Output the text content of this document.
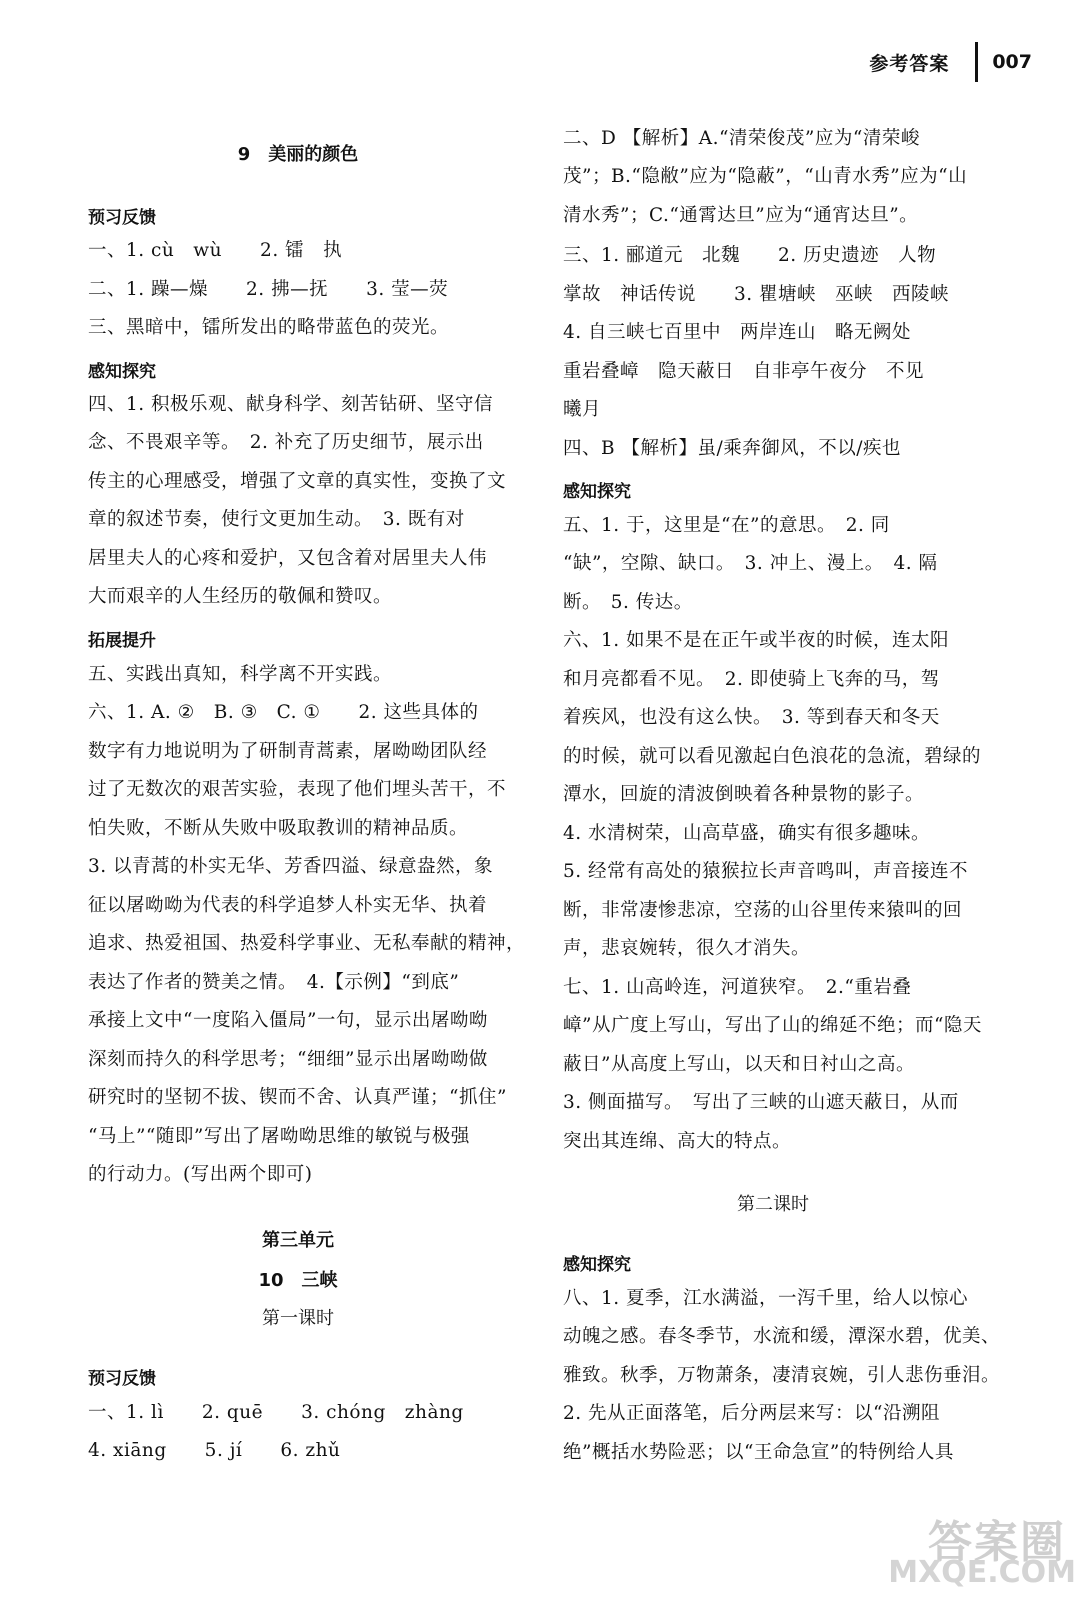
参考答案 007
9　美丽的颜色
预习反馈
一、1. cù　wù　　2. 镭　执
二、1. 躁—燥　　2. 拂—抚　　3. 莹—荧
三、黑暗中，镭所发出的略带蓝色的荧光。
感知探究
四、1. 积极乐观、献身科学、刻苦钻研、坚守信
念、不畏艰辛等。　2. 补充了历史细节，展示出
传主的心理感受，增强了文章的真实性，变换了文
章的叙述节奏，使行文更加生动。　3. 既有对
居里夫人的心疼和爱护，又包含着对居里夫人伟
大而艰辛的人生经历的敬佩和赞叹。
拓展提升
五、实践出真知，科学离不开实践。
六、1. A. ②　B. ③　C. ①　　2. 这些具体的
数字有力地说明为了研制青蒿素，屠呦呦团队经
过了无数次的艰苦实验，表现了他们埋头苦干，不
怕失败，不断从失败中吸取教训的精神品质。
3. 以青蒿的朴实无华、芳香四溢、绿意盎然，象
征以屠呦呦为代表的科学追梦人朴实无华、执着
追求、热爱祖国、热爱科学事业、无私奉献的精神，
表达了作者的赞美之情。　4.【示例】“到底”
承接上文中“一度陷入僵局”一句，显示出屠呦呦
深刻而持久的科学思考；“细细”显示出屠呦呦做
研究时的坚韧不拔、锲而不舍、认真严谨；“抓住”
“马上”“随即”写出了屠呦呦思维的敏锐与极强
的行动力。(写出两个即可)
第三单元
10　三峡
第一课时
预习反馈
一、1. lì　　2. quē　　3. chóng　zhàng
4. xiāng　　5. jí　　6. zhǔ
二、D 【解析】A.“清荣俊茂”应为“清荣峻
茂”；B.“隐敝”应为“隐蔽”，“山青水秀”应为“山
清水秀”；C.“通霄达旦”应为“通宵达旦”。
三、1. 郦道元　北魏　　2. 历史遗迹　人物
掌故　神话传说　　3. 瞿塘峡　巫峡　西陵峡
4. 自三峡七百里中　两岸连山　略无阙处
重岩叠嶂　隐天蔽日　自非亭午夜分　不见
曦月
四、B 【解析】虽/乘奔御风，不以/疾也
感知探究
五、1. 于，这里是“在”的意思。　2. 同
“缺”，空隙、缺口。　3. 冲上、漫上。　4. 隔
断。　5. 传达。
六、1. 如果不是在正午或半夜的时候，连太阳
和月亮都看不见。　2. 即使骑上飞奔的马，驾
着疾风，也没有这么快。　3. 等到春天和冬天
的时候，就可以看见激起白色浪花的急流，碧绿的
潭水，回旋的清波倒映着各种景物的影子。
4. 水清树荣，山高草盛，确实有很多趣味。
5. 经常有高处的猿猴拉长声音鸣叫，声音接连不
断，非常凄惨悲凉，空荡的山谷里传来猿叫的回
声，悲哀婉转，很久才消失。
七、1. 山高岭连，河道狭窄。　2.“重岩叠
嶂”从广度上写山，写出了山的绵延不绝；而“隐天
蔽日”从高度上写山，以天和日衬山之高。
3. 侧面描写。　写出了三峡的山遮天蔽日，从而
突出其连绵、高大的特点。
第二课时
感知探究
八、1. 夏季，江水满溢，一泻千里，给人以惊心
动魄之感。春冬季节，水流和缓，潭深水碧，优美、
雅致。秋季，万物萧条，凄清哀婉，引人悲伤垂泪。
2. 先从正面落笔，后分两层来写：以“沿溯阻
绝”概括水势险恶；以“王命急宣”的特例给人具
答案圈
MXQE.COM
